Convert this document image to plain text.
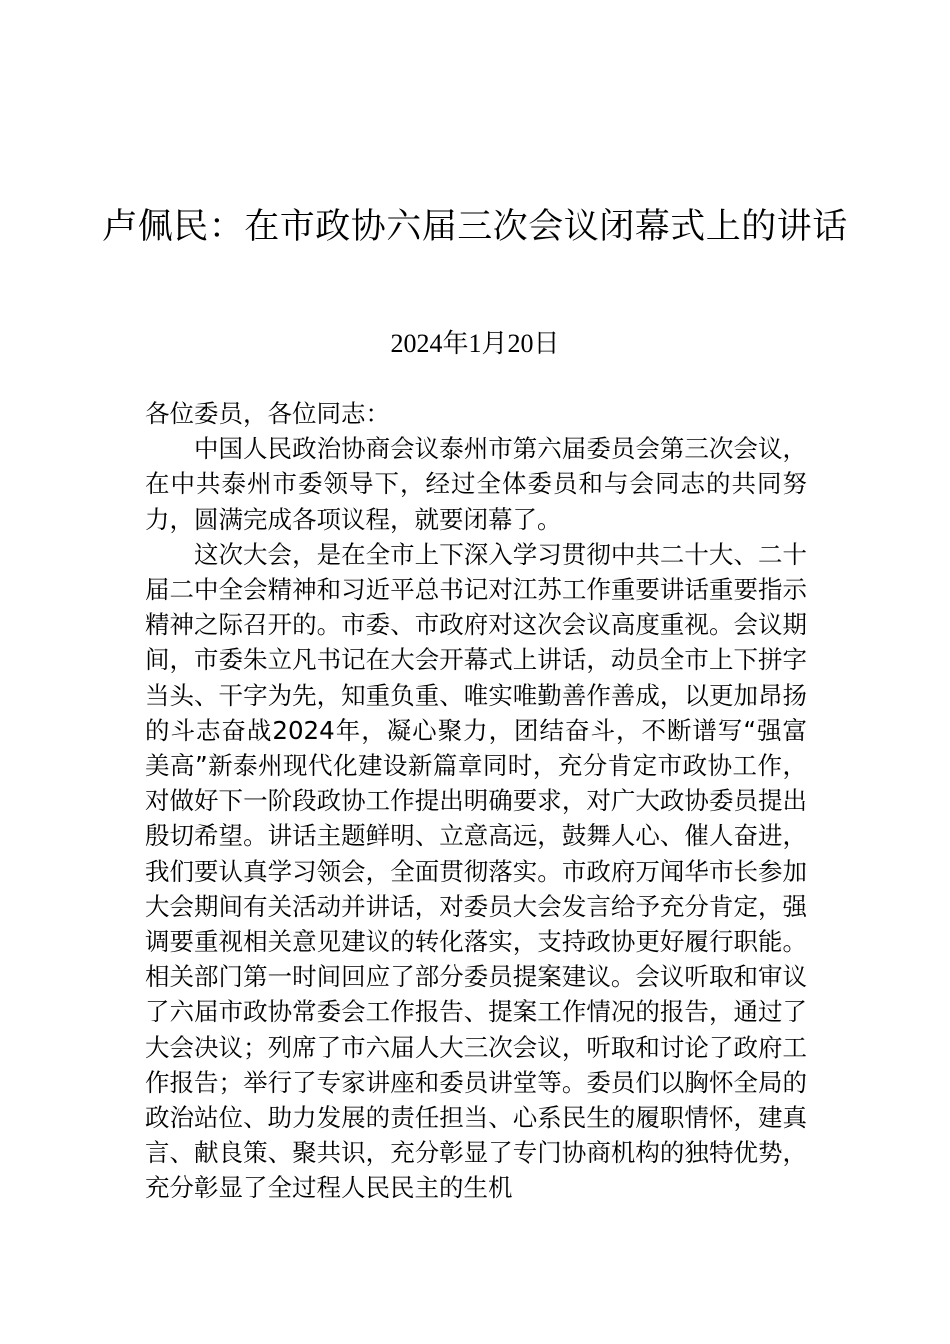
卢佩民：在市政协六届三次会议闭幕式上的讲话
2024年1月20日

各位委员，各位同志：

中国人民政治协商会议泰州市第六届委员会第三次会议，在中共泰州市委领导下，经过全体委员和与会同志的共同努力，圆满完成各项议程，就要闭幕了。

这次大会，是在全市上下深入学习贯彻中共二十大、二十届二中全会精神和习近平总书记对江苏工作重要讲话重要指示精神之际召开的。市委、市政府对这次会议高度重视。会议期间，市委朱立凡书记在大会开幕式上讲话，动员全市上下拼字当头、干字为先，知重负重、唯实唯勤善作善成，以更加昂扬的斗志奋战2024年，凝心聚力，团结奋斗，不断谱写“强富美高”新泰州现代化建设新篇章同时，充分肯定市政协工作，对做好下一阶段政协工作提出明确要求，对广大政协委员提出殷切希望。讲话主题鲜明、立意高远，鼓舞人心、催人奋进，我们要认真学习领会，全面贯彻落实。市政府万闻华市长参加大会期间有关活动并讲话，对委员大会发言给予充分肯定，强调要重视相关意见建议的转化落实，支持政协更好履行职能。相关部门第一时间回应了部分委员提案建议。会议听取和审议了六届市政协常委会工作报告、提案工作情况的报告，通过了大会决议；列席了市六届人大三次会议，听取和讨论了政府工作报告；举行了专家讲座和委员讲堂等。委员们以胸怀全局的政治站位、助力发展的责任担当、心系民生的履职情怀，建真言、献良策、聚共识，充分彰显了专门协商机构的独特优势，充分彰显了全过程人民民主的生机
